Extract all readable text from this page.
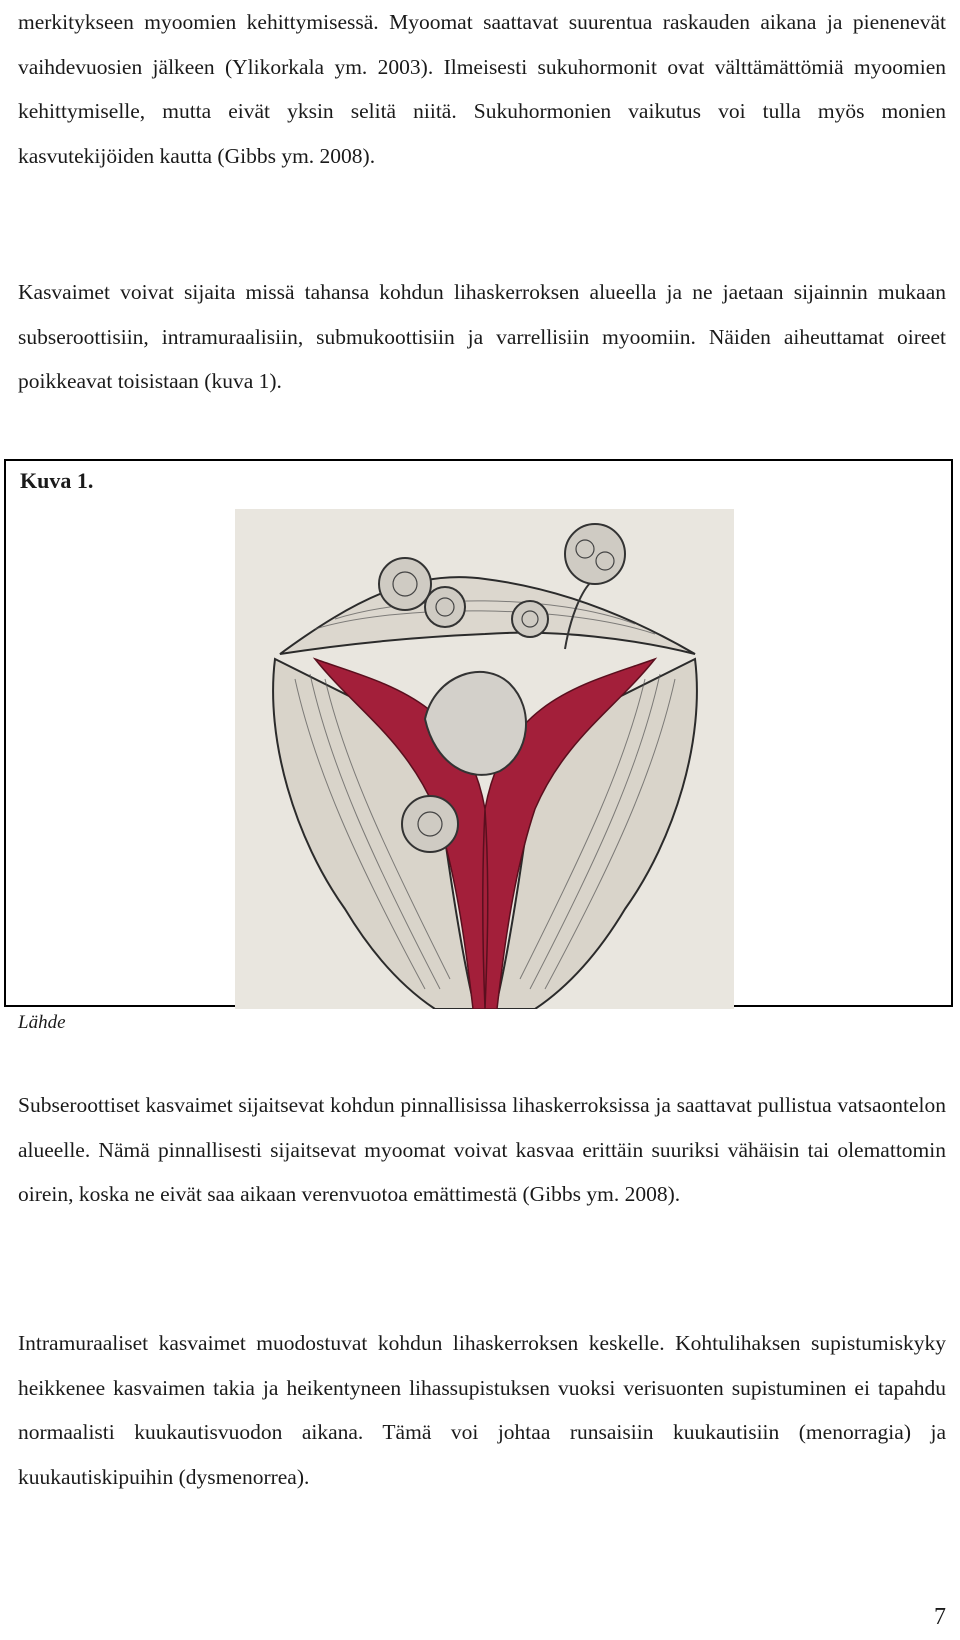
merkitykseen myoomien kehittymisessä. Myoomat saattavat suurentua raskauden aikana ja pienenevät vaihdevuosien jälkeen (Ylikorkala ym. 2003). Ilmeisesti sukuhormonit ovat välttämättömiä myoomien kehittymiselle, mutta eivät yksin selitä niitä. Sukuhormonien vaikutus voi tulla myös monien kasvutekijöiden kautta (Gibbs ym. 2008).

Kasvaimet voivat sijaita missä tahansa kohdun lihaskerroksen alueella ja ne jaetaan sijainnin mukaan subseroottisiin, intramuraalisiin, submukoottisiin ja varrellisiin myoomiin. Näiden aiheuttamat oireet poikkeavat toisistaan (kuva 1).

Kuva 1.

Lähde

Subseroottiset kasvaimet sijaitsevat kohdun pinnallisissa lihaskerroksissa ja saattavat pullistua vatsaontelon alueelle. Nämä pinnallisesti sijaitsevat myoomat voivat kasvaa erittäin suuriksi vähäisin tai olemattomin oirein, koska ne eivät saa aikaan verenvuotoa emättimestä (Gibbs ym. 2008).

Intramuraaliset kasvaimet muodostuvat kohdun lihaskerroksen keskelle. Kohtulihaksen supistumiskyky heikkenee kasvaimen takia ja heikentyneen lihassupistuksen vuoksi verisuonten supistuminen ei tapahdu normaalisti kuukautisvuodon aikana. Tämä voi johtaa runsaisiin kuukautisiin (menorragia) ja kuukautiskipuihin (dysmenorrea).

7
